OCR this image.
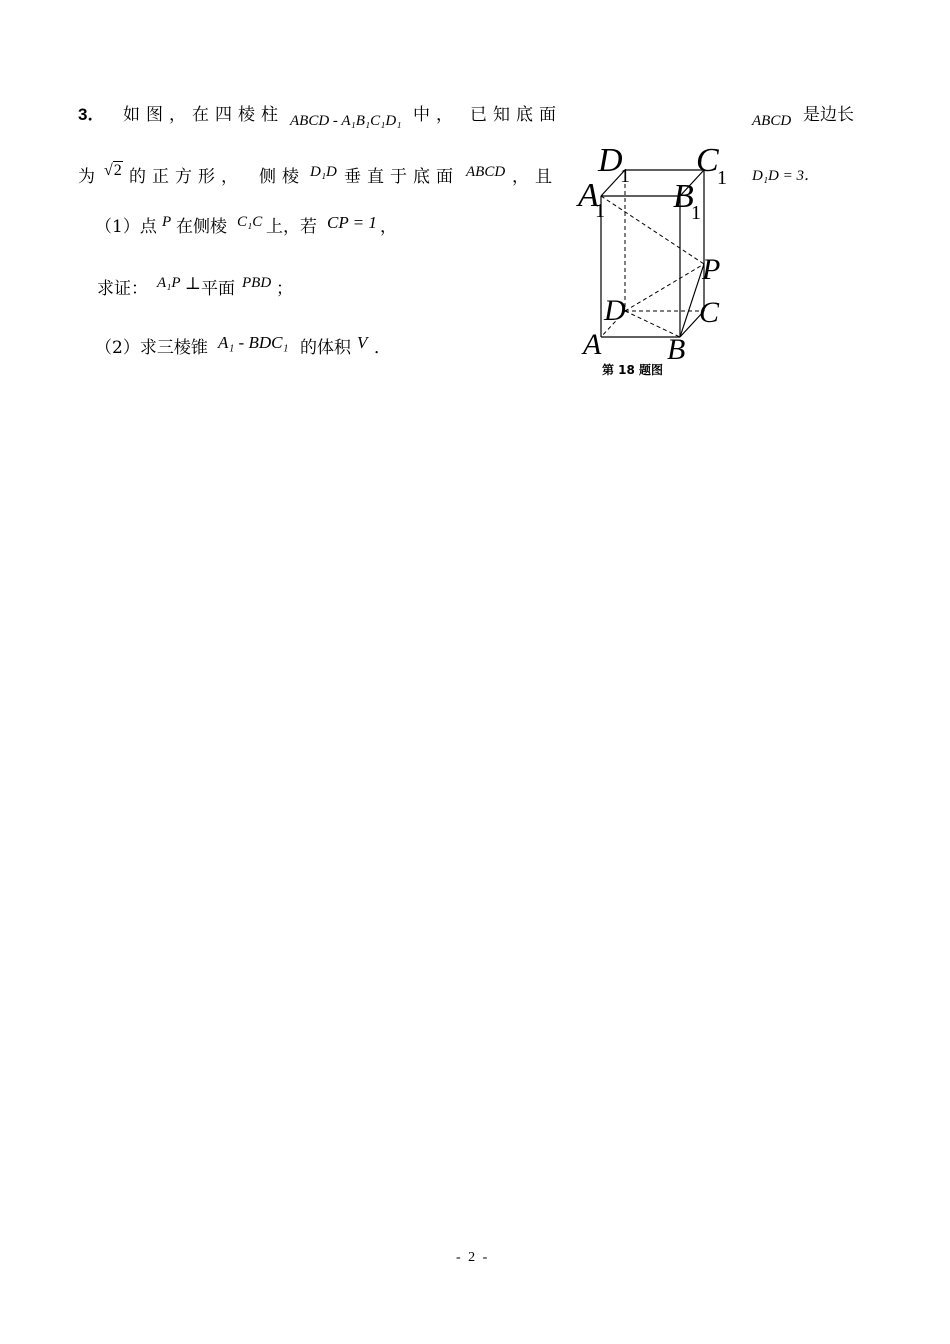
3． 如图，在四棱柱 ABCD - A₁B₁C₁D₁ 中， 已知底面	ABCD 是边长
为 √2 的正方形， 侧棱 D₁D 垂直于底面 ABCD ，且	D₁D = 3．
（1）点 P 在侧棱 C₁C 上，若 CP = 1 ，
求证： A₁P ⊥ 平面 PBD ；
（2）求三棱锥 A₁ - BDC₁ 的体积 V ．
D
1 C
1
A
1 B
1
P
D C
A B
第 18 题图
- 2 -
